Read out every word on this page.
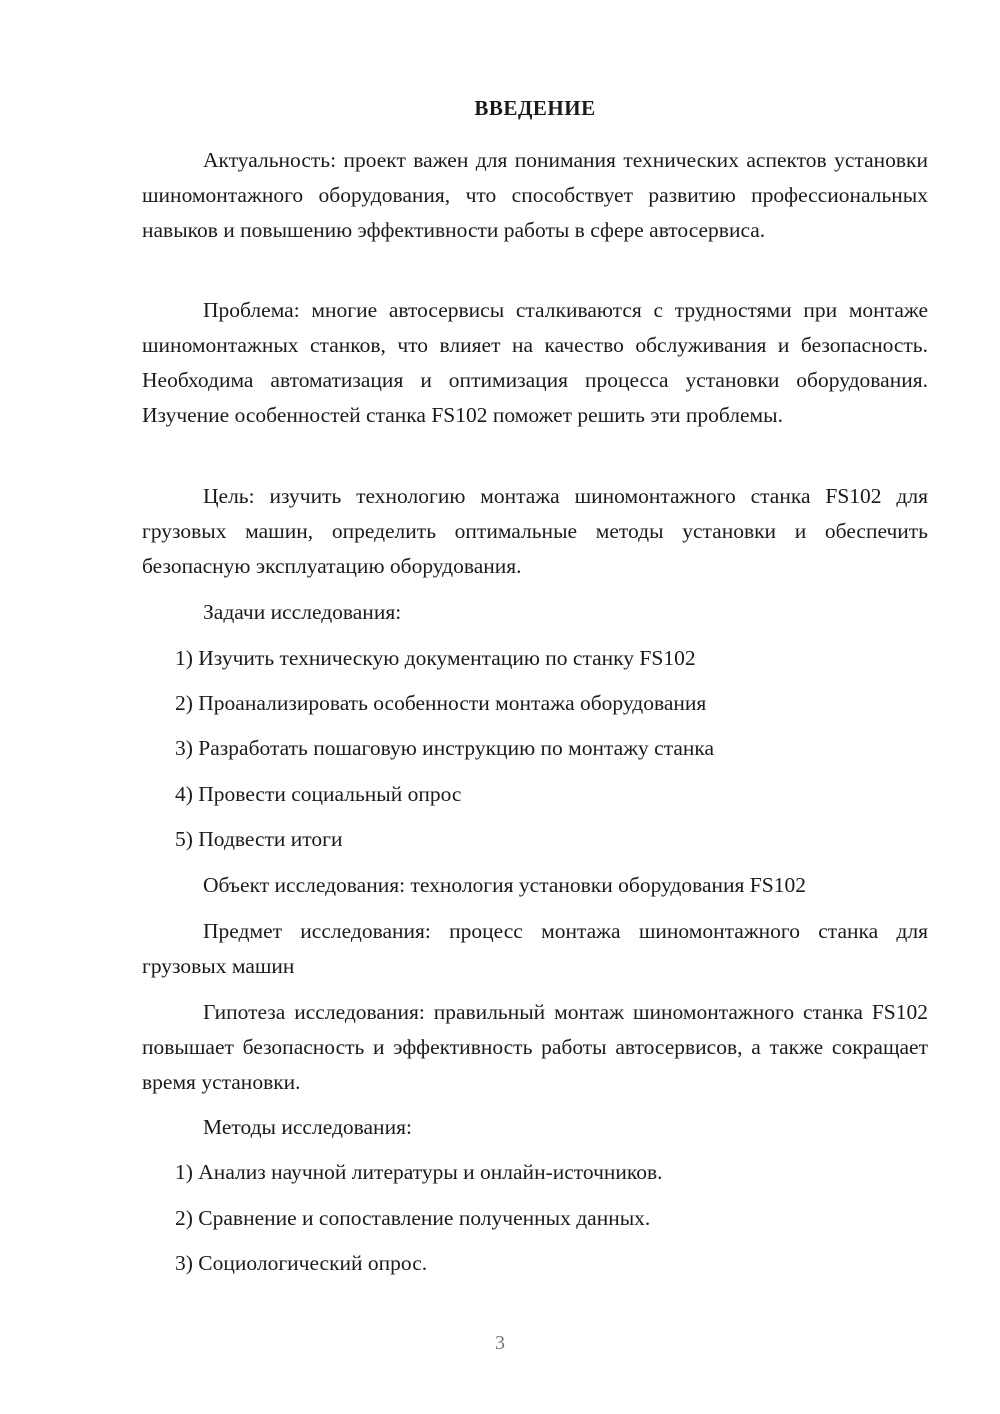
ВВЕДЕНИЕ

Актуальность: проект важен для понимания технических аспектов установки шиномонтажного оборудования, что способствует развитию профессиональных навыков и повышению эффективности работы в сфере автосервиса.

Проблема: многие автосервисы сталкиваются с трудностями при монтаже шиномонтажных станков, что влияет на качество обслуживания и безопасность. Необходима автоматизация и оптимизация процесса установки оборудования. Изучение особенностей станка FS102 поможет решить эти проблемы.

Цель: изучить технологию монтажа шиномонтажного станка FS102 для грузовых машин, определить оптимальные методы установки и обеспечить безопасную эксплуатацию оборудования.

Задачи исследования:

1) Изучить техническую документацию по станку FS102

2) Проанализировать особенности монтажа оборудования

3) Разработать пошаговую инструкцию по монтажу станка

4) Провести социальный опрос

5) Подвести итоги

Объект исследования: технология установки оборудования FS102

Предмет исследования: процесс монтажа шиномонтажного станка для грузовых машин

Гипотеза исследования: правильный монтаж шиномонтажного станка FS102 повышает безопасность и эффективность работы автосервисов, а также сокращает время установки.

Методы исследования:

1) Анализ научной литературы и онлайн-источников.

2) Сравнение и сопоставление полученных данных.

3) Социологический опрос.

3
